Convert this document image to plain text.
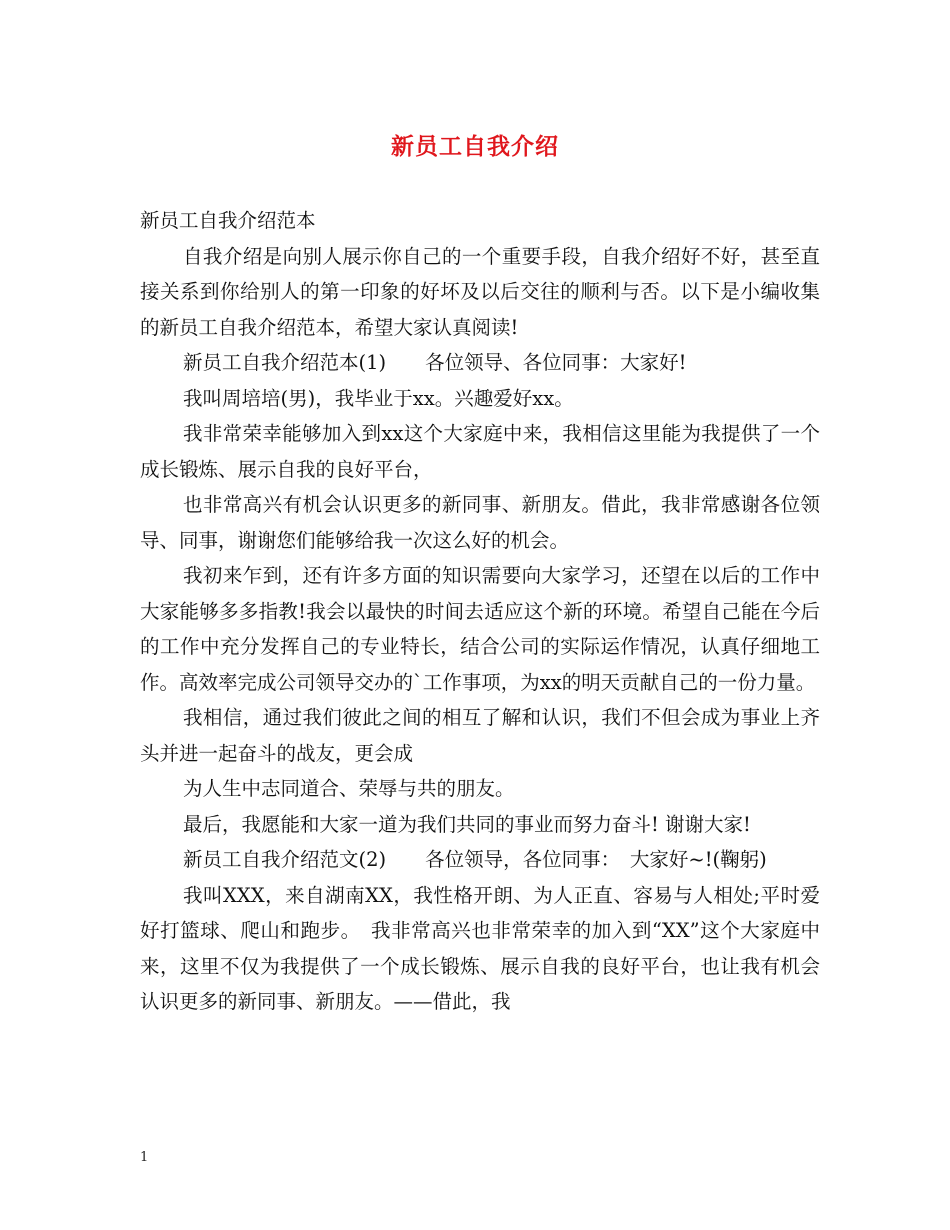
新员工自我介绍

新员工自我介绍范本

自我介绍是向别人展示你自己的一个重要手段，自我介绍好不好，甚至直接关系到你给别人的第一印象的好坏及以后交往的顺利与否。以下是小编收集的新员工自我介绍范本，希望大家认真阅读!

新员工自我介绍范本(1)　　各位领导、各位同事：大家好!

我叫周培培(男)，我毕业于xx。兴趣爱好xx。

我非常荣幸能够加入到xx这个大家庭中来，我相信这里能为我提供了一个成长锻炼、展示自我的良好平台，

也非常高兴有机会认识更多的新同事、新朋友。借此，我非常感谢各位领导、同事，谢谢您们能够给我一次这么好的机会。

我初来乍到，还有许多方面的知识需要向大家学习，还望在以后的工作中大家能够多多指教!我会以最快的时间去适应这个新的环境。希望自己能在今后的工作中充分发挥自己的专业特长，结合公司的实际运作情况，认真仔细地工作。高效率完成公司领导交办的`工作事项，为xx的明天贡献自己的一份力量。

我相信，通过我们彼此之间的相互了解和认识，我们不但会成为事业上齐头并进一起奋斗的战友，更会成

为人生中志同道合、荣辱与共的朋友。

最后，我愿能和大家一道为我们共同的事业而努力奋斗! 谢谢大家!

新员工自我介绍范文(2)　　各位领导，各位同事：　大家好~!(鞠躬)

我叫XXX，来自湖南XX，我性格开朗、为人正直、容易与人相处;平时爱好打篮球、爬山和跑步。　我非常高兴也非常荣幸的加入到“XX”这个大家庭中来，这里不仅为我提供了一个成长锻炼、展示自我的良好平台，也让我有机会认识更多的新同事、新朋友。——借此，我

1
